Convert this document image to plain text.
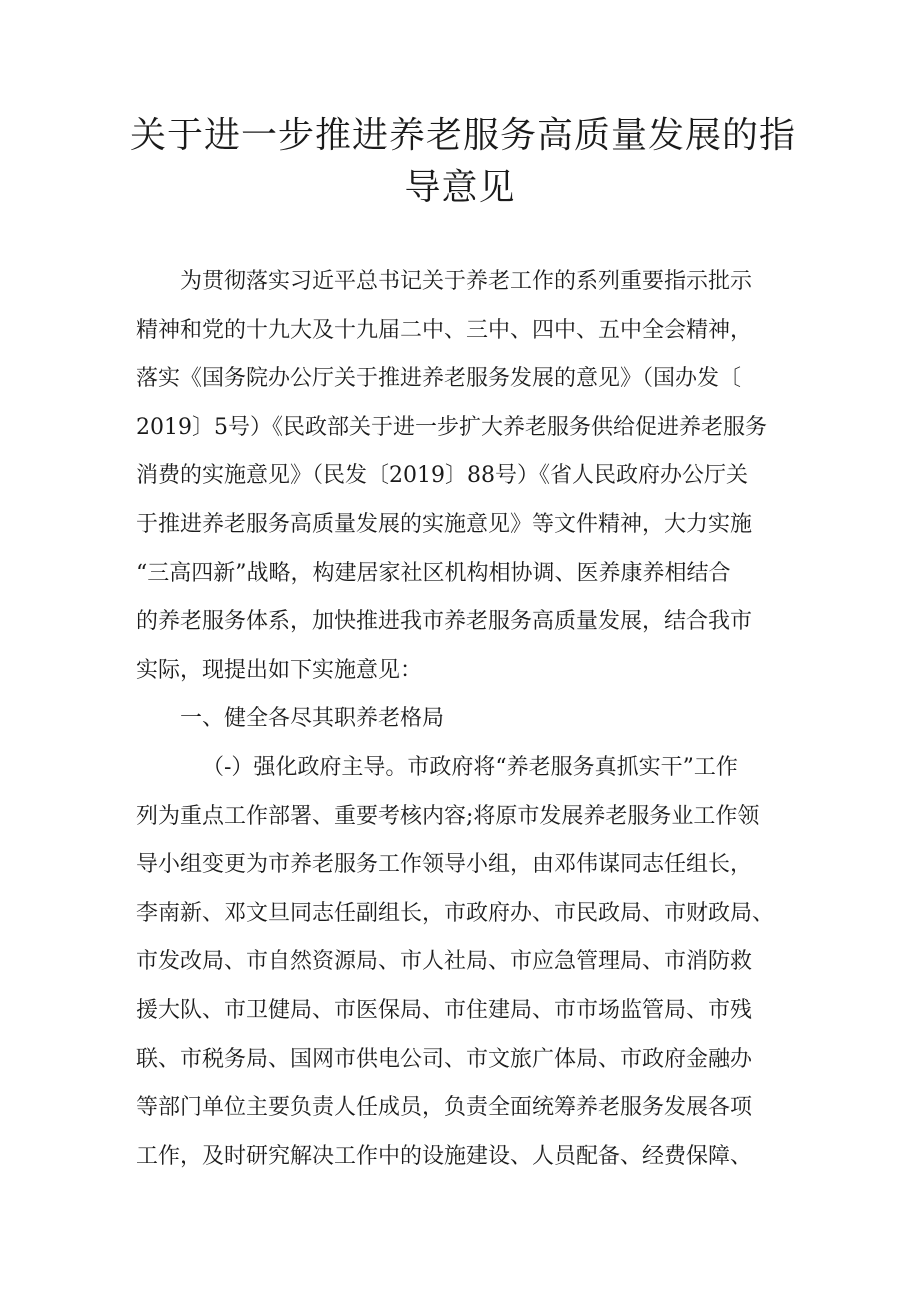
关于进一步推进养老服务高质量发展的指
导意见

为贯彻落实习近平总书记关于养老工作的系列重要指示批示
精神和党的十九大及十九届二中、三中、四中、五中全会精神，
落实《国务院办公厅关于推进养老服务发展的意见》（国办发〔
2019〕5号）《民政部关于进一步扩大养老服务供给促进养老服务
消费的实施意见》（民发〔2019〕88号）《省人民政府办公厅关
于推进养老服务高质量发展的实施意见》等文件精神，大力实施
“三高四新”战略，构建居家社区机构相协调、医养康养相结合
的养老服务体系，加快推进我市养老服务高质量发展，结合我市
实际，现提出如下实施意见：

一、健全各尽其职养老格局

（-）强化政府主导。市政府将“养老服务真抓实干”工作
列为重点工作部署、重要考核内容;将原市发展养老服务业工作领
导小组变更为市养老服务工作领导小组，由邓伟谋同志任组长，
李南新、邓文旦同志任副组长，市政府办、市民政局、市财政局、
市发改局、市自然资源局、市人社局、市应急管理局、市消防救
援大队、市卫健局、市医保局、市住建局、市市场监管局、市残
联、市税务局、国网市供电公司、市文旅广体局、市政府金融办
等部门单位主要负责人任成员，负责全面统筹养老服务发展各项
工作，及时研究解决工作中的设施建设、人员配备、经费保障、
